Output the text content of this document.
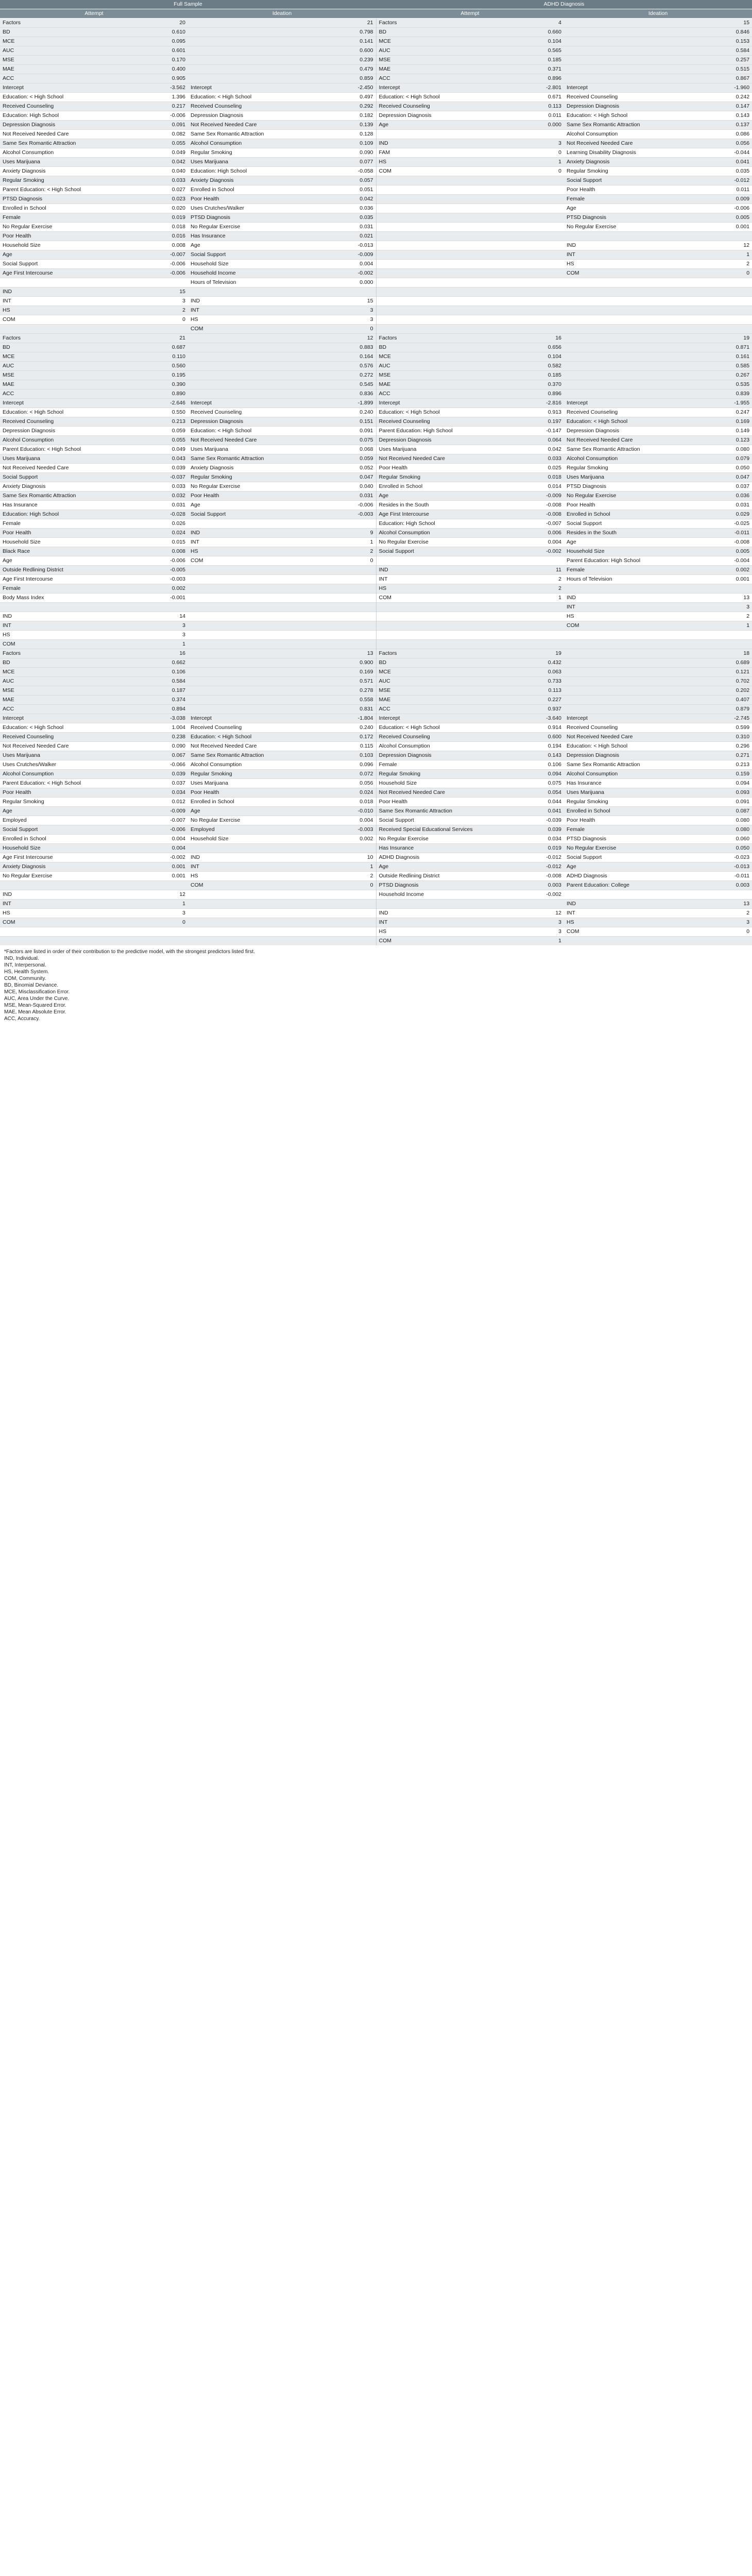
Full Sample				ADHD Diagnosis			
Attempt		Ideation		Attempt		Ideation	
Factors	20		21	Factors	4		15
BD	0.610		0.798	BD	0.660		0.846
MCE	0.095		0.141	MCE	0.104		0.153
AUC	0.601		0.600	AUC	0.565		0.584
MSE	0.170		0.239	MSE	0.185		0.257
MAE	0.400		0.479	MAE	0.371		0.515
ACC	0.905		0.859	ACC	0.896		0.867
Intercept	-3.562	Intercept	-2.450	Intercept	-2.801	Intercept	-1.960
Education: < High School	1.396	Education: < High School	0.497	Education: < High School	0.671	Received Counseling	0.242
Received Counseling	0.217	Received Counseling	0.292	Received Counseling	0.113	Depression Diagnosis	0.147
Education: High School	-0.006	Depression Diagnosis	0.182	Depression Diagnosis	0.011	Education: < High School	0.143
Depression Diagnosis	0.091	Not Received Needed Care	0.139	Age	0.000	Same Sex Romantic Attraction	0.137
Not Received Needed Care	0.082	Same Sex Romantic Attraction	0.128			Alcohol Consumption	0.086
Same Sex Romantic Attraction	0.055	Alcohol Consumption	0.109	IND	3	Not Received Needed Care	0.056
Alcohol Consumption	0.049	Regular Smoking	0.090	FAM	0	Learning Disability Diagnosis	-0.044
Uses Marijuana	0.042	Uses Marijuana	0.077	HS	1	Anxiety Diagnosis	0.041
Anxiety Diagnosis	0.040	Education: High School	-0.058	COM	0	Regular Smoking	0.035
Regular Smoking	0.033	Anxiety Diagnosis	0.057			Social Support	-0.012
Parent Education: < High School	0.027	Enrolled in School	0.051			Poor Health	0.011
PTSD Diagnosis	0.023	Poor Health	0.042			Female	0.009
Enrolled in School	0.020	Uses Crutches/Walker	0.036			Age	-0.006
Female	0.019	PTSD Diagnosis	0.035			PTSD Diagnosis	0.005
No Regular Exercise	0.018	No Regular Exercise	0.031			No Regular Exercise	0.001
Poor Health	0.016	Has Insurance	0.021				
Household Size	0.008	Age	-0.013			IND	12
Age	-0.007	Social Support	-0.009			INT	1
Social Support	-0.006	Household Size	0.004			HS	2
Age First Intercourse	-0.006	Household Income	-0.002			COM	0
		Hours of Television	0.000				
IND	15						
INT	3	IND	15				
HS	2	INT	3				
COM	0	HS	3				
		COM	0				
Factors	21		12	Factors	16		19
BD	0.687		0.883	BD	0.656		0.871
MCE	0.110		0.164	MCE	0.104		0.161
AUC	0.560		0.576	AUC	0.582		0.585
MSE	0.195		0.272	MSE	0.185		0.267
MAE	0.390		0.545	MAE	0.370		0.535
ACC	0.890		0.836	ACC	0.896		0.839
Intercept	-2.646	Intercept	-1.899	Intercept	-2.816	Intercept	-1.955
Education: < High School	0.550	Received Counseling	0.240	Education: < High School	0.913	Received Counseling	0.247
Received Counseling	0.213	Depression Diagnosis	0.151	Received Counseling	0.197	Education: < High School	0.169
Depression Diagnosis	0.059	Education: < High School	0.091	Parent Education: High School	-0.147	Depression Diagnosis	0.149
Alcohol Consumption	0.055	Not Received Needed Care	0.075	Depression Diagnosis	0.064	Not Received Needed Care	0.123
Parent Education: < High School	0.049	Uses Marijuana	0.068	Uses Marijuana	0.042	Same Sex Romantic Attraction	0.080
Uses Marijuana	0.043	Same Sex Romantic Attraction	0.059	Not Received Needed Care	0.033	Alcohol Consumption	0.079
Not Received Needed Care	0.039	Anxiety Diagnosis	0.052	Poor Health	0.025	Regular Smoking	0.050
Social Support	-0.037	Regular Smoking	0.047	Regular Smoking	0.018	Uses Marijuana	0.047
Anxiety Diagnosis	0.033	No Regular Exercise	0.040	Enrolled in School	0.014	PTSD Diagnosis	0.037
Same Sex Romantic Attraction	0.032	Poor Health	0.031	Age	-0.009	No Regular Exercise	0.036
Has Insurance	0.031	Age	-0.006	Resides in the South	-0.008	Poor Health	0.031
Education: High School	-0.028	Social Support	-0.003	Age First Intercourse	-0.008	Enrolled in School	0.029
Female	0.026			Education: High School	-0.007	Social Support	-0.025
Poor Health	0.024	IND	9	Alcohol Consumption	0.006	Resides in the South	-0.011
Household Size	0.015	INT	1	No Regular Exercise	0.004	Age	-0.008
Black Race	0.008	HS	2	Social Support	-0.002	Household Size	0.005
Age	-0.006	COM	0			Parent Education: High School	-0.004
Outside Redlining District	-0.005			IND	11	Female	0.002
Age First Intercourse	-0.003			INT	2	Hours of Television	0.001
Female	0.002			HS	2		
Body Mass Index	-0.001			COM	1	IND	13
						INT	3
IND	14					HS	2
INT	3					COM	1
HS	3						
COM	1						
Factors	16		13	Factors	19		18
BD	0.662		0.900	BD	0.432		0.689
MCE	0.106		0.169	MCE	0.063		0.121
AUC	0.584		0.571	AUC	0.733		0.702
MSE	0.187		0.278	MSE	0.113		0.202
MAE	0.374		0.558	MAE	0.227		0.407
ACC	0.894		0.831	ACC	0.937		0.879
Intercept	-3.038	Intercept	-1.804	Intercept	-3.640	Intercept	-2.745
Education: < High School	1.004	Received Counseling	0.240	Education: < High School	0.914	Received Counseling	0.599
Received Counseling	0.238	Education: < High School	0.172	Received Counseling	0.600	Not Received Needed Care	0.310
Not Received Needed Care	0.090	Not Received Needed Care	0.115	Alcohol Consumption	0.194	Education: < High School	0.296
Uses Marijuana	0.067	Same Sex Romantic Attraction	0.103	Depression Diagnosis	0.143	Depression Diagnosis	0.271
Uses Crutches/Walker	-0.066	Alcohol Consumption	0.096	Female	0.106	Same Sex Romantic Attraction	0.213
Alcohol Consumption	0.039	Regular Smoking	0.072	Regular Smoking	0.094	Alcohol Consumption	0.159
Parent Education: < High School	0.037	Uses Marijuana	0.056	Household Size	0.075	Has Insurance	0.094
Poor Health	0.034	Poor Health	0.024	Not Received Needed Care	0.054	Uses Marijuana	0.093
Regular Smoking	0.012	Enrolled in School	0.018	Poor Health	0.044	Regular Smoking	0.091
Age	-0.009	Age	-0.010	Same Sex Romantic Attraction	0.041	Enrolled in School	0.087
Employed	-0.007	No Regular Exercise	0.004	Social Support	-0.039	Poor Health	0.080
Social Support	-0.006	Employed	-0.003	Received Special Educational Services	0.039	Female	0.080
Enrolled in School	0.004	Household Size	0.002	No Regular Exercise	0.034	PTSD Diagnosis	0.060
Household Size	0.004			Has Insurance	0.019	No Regular Exercise	0.050
Age First Intercourse	-0.002	IND	10	ADHD Diagnosis	-0.012	Social Support	-0.023
Anxiety Diagnosis	0.001	INT	1	Age	-0.012	Age	-0.013
No Regular Exercise	0.001	HS	2	Outside Redlining District	-0.008	ADHD Diagnosis	-0.011
		COM	0	PTSD Diagnosis	0.003	Parent Education: College	0.003
IND	12			Household Income	-0.002		
INT	1					IND	13
HS	3			IND	12	INT	2
COM	0			INT	3	HS	3
				HS	3	COM	0
				COM	1		
*Factors are listed in order of their contribution to the predictive model, with the strongest predictors listed first.
IND, Individual.
INT, Interpersonal.
HS, Health System.
COM, Community.
BD, Binomial Deviance.
MCE, Misclassification Error.
AUC, Area Under the Curve.
MSE, Mean-Squared Error.
MAE, Mean Absolute Error.
ACC, Accuracy.
